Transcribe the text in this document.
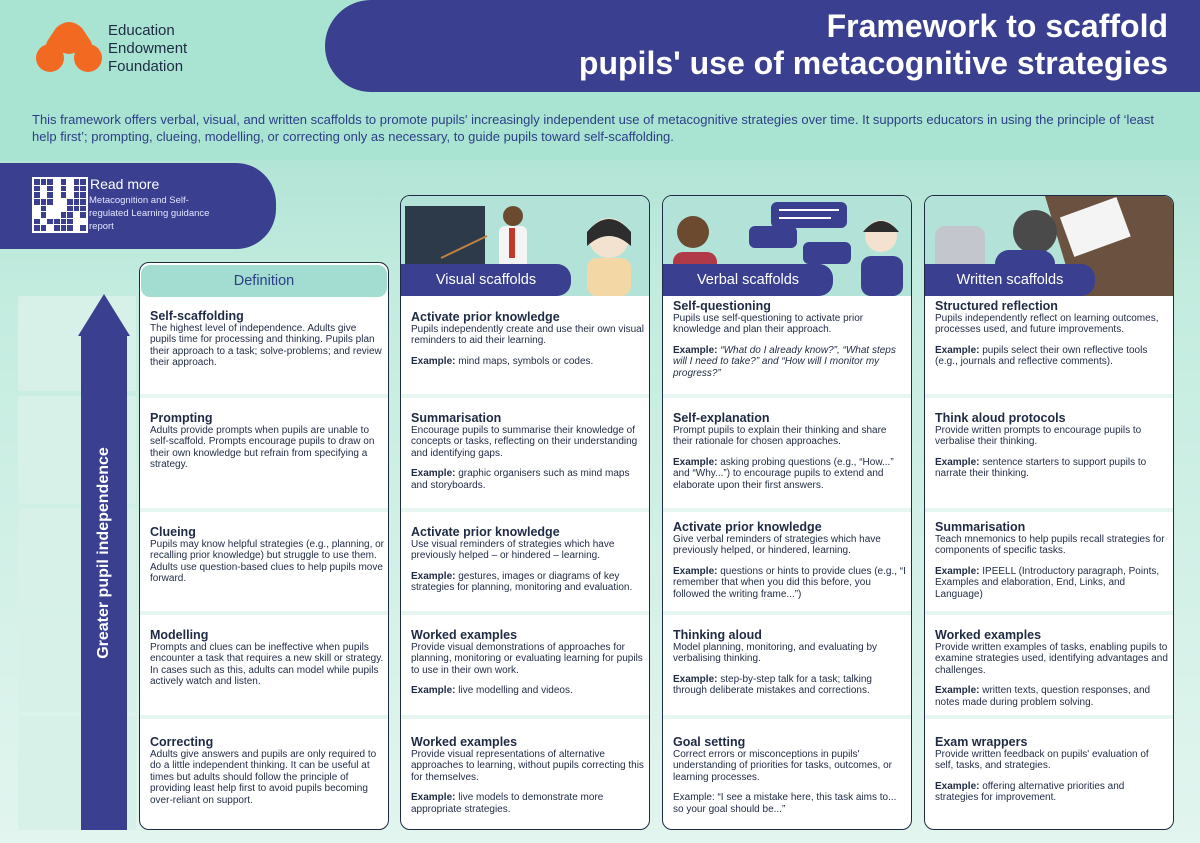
Education
Endowment
Foundation
Framework to scaffold
pupils' use of metacognitive strategies
This framework offers verbal, visual, and written scaffolds to promote pupils' increasingly independent use of metacognitive strategies over time. It supports educators in using the principle of ‘least help first’; prompting, clueing, modelling, or correcting only as necessary, to guide pupils toward self-scaffolding.
Read more
Metacognition and Self-regulated Learning guidance report
Greater pupil independence
Definition
Self-scaffolding
The highest level of independence. Adults give pupils time for processing and thinking. Pupils plan their approach to a task; solve-problems; and review their approach.
Prompting
Adults provide prompts when pupils are unable to self-scaffold. Prompts encourage pupils to draw on their own knowledge but refrain from specifying a strategy.
Clueing
Pupils may know helpful strategies (e.g., planning, or recalling prior knowledge) but struggle to use them. Adults use question-based clues to help pupils move forward.
Modelling
Prompts and clues can be ineffective when pupils encounter a task that requires a new skill or strategy. In cases such as this, adults can model while pupils actively watch and listen.
Correcting
Adults give answers and pupils are only required to do a little independent thinking. It can be useful at times but adults should follow the principle of providing least help first to avoid pupils becoming over-reliant on support.
Visual scaffolds
Activate prior knowledge
Pupils independently create and use their own visual reminders to aid their learning.
Example: mind maps, symbols or codes.
Summarisation
Encourage pupils to summarise their knowledge of concepts or tasks, reflecting on their understanding and identifying gaps.
Example: graphic organisers such as mind maps and storyboards.
Activate prior knowledge
Use visual reminders of strategies which have previously helped – or hindered – learning.
Example: gestures, images or diagrams of key strategies for planning, monitoring and evaluation.
Worked examples
Provide visual demonstrations of approaches for planning, monitoring or evaluating learning for pupils to use in their own work.
Example: live modelling and videos.
Worked examples
Provide visual representations of alternative approaches to learning, without pupils correcting this for themselves.
Example: live models to demonstrate more appropriate strategies.
Verbal scaffolds
Self-questioning
Pupils use self-questioning to activate prior knowledge and plan their approach.
Example: “What do I already know?”, “What steps will I need to take?” and “How will I monitor my progress?”
Self-explanation
Prompt pupils to explain their thinking and share their rationale for chosen approaches.
Example: asking probing questions (e.g., “How...” and “Why...”) to encourage pupils to extend and elaborate upon their first answers.
Activate prior knowledge
Give verbal reminders of strategies which have previously helped, or hindered, learning.
Example: questions or hints to provide clues (e.g., “I remember that when you did this before, you followed the writing frame...”)
Thinking aloud
Model planning, monitoring, and evaluating by verbalising thinking.
Example: step-by-step talk for a task; talking through deliberate mistakes and corrections.
Goal setting
Correct errors or misconceptions in pupils' understanding of priorities for tasks, outcomes, or learning processes.
Example: “I see a mistake here, this task aims to... so your goal should be...”
Written scaffolds
Structured reflection
Pupils independently reflect on learning outcomes, processes used, and future improvements.
Example: pupils select their own reflective tools (e.g., journals and reflective comments).
Think aloud protocols
Provide written prompts to encourage pupils to verbalise their thinking.
Example: sentence starters to support pupils to narrate their thinking.
Summarisation
Teach mnemonics to help pupils recall strategies for components of specific tasks.
Example: IPEELL (Introductory paragraph, Points, Examples and elaboration, End, Links, and Language)
Worked examples
Provide written examples of tasks, enabling pupils to examine strategies used, identifying advantages and challenges.
Example: written texts, question responses, and notes made during problem solving.
Exam wrappers
Provide written feedback on pupils' evaluation of self, tasks, and strategies.
Example: offering alternative priorities and strategies for improvement.
